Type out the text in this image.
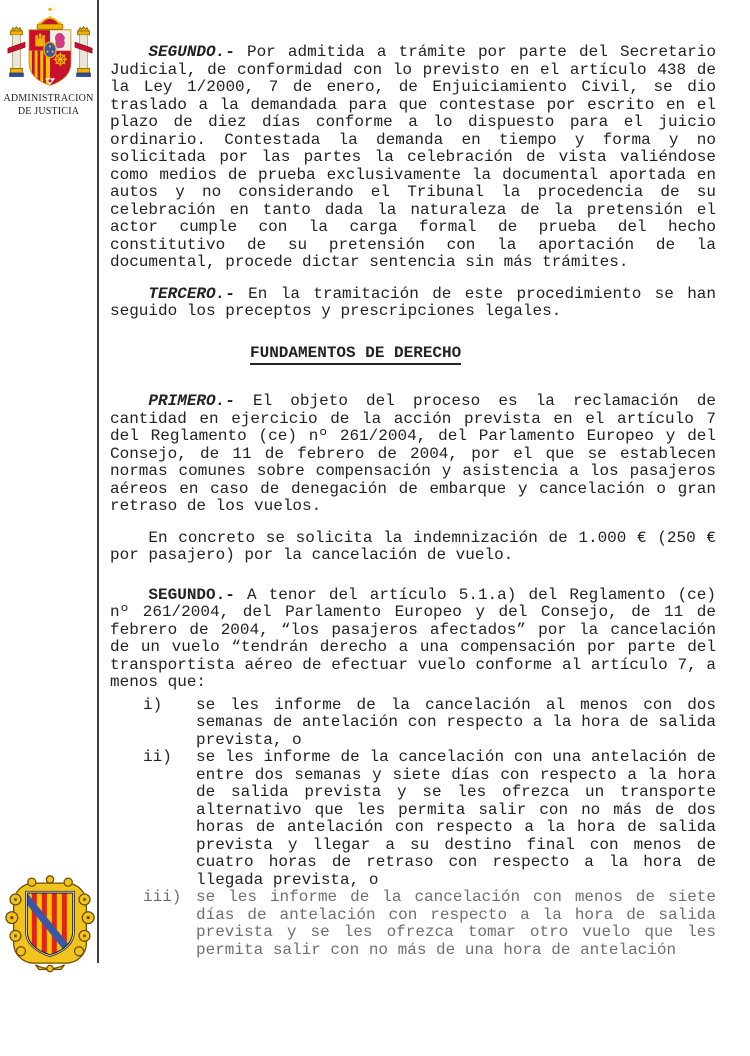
ADMINISTRACION
DE JUSTICIA

SEGUNDO.- Por admitida a trámite por parte del Secretario Judicial, de conformidad con lo previsto en el artículo 438 de la Ley 1/2000, 7 de enero, de Enjuiciamiento Civil, se dio traslado a la demandada para que contestase por escrito en el plazo de diez días conforme a lo dispuesto para el juicio ordinario. Contestada la demanda en tiempo y forma y no solicitada por las partes la celebración de vista valiéndose como medios de prueba exclusivamente la documental aportada en autos y no considerando el Tribunal la procedencia de su celebración en tanto dada la naturaleza de la pretensión el actor cumple con la carga formal de prueba del hecho constitutivo de su pretensión con la aportación de la documental, procede dictar sentencia sin más trámites.

TERCERO.- En la tramitación de este procedimiento se han seguido los preceptos y prescripciones legales.

FUNDAMENTOS DE DERECHO

PRIMERO.- El objeto del proceso es la reclamación de cantidad en ejercicio de la acción prevista en el artículo 7 del Reglamento (ce) nº 261/2004, del Parlamento Europeo y del Consejo, de 11 de febrero de 2004, por el que se establecen normas comunes sobre compensación y asistencia a los pasajeros aéreos en caso de denegación de embarque y cancelación o gran retraso de los vuelos.

En concreto se solicita la indemnización de 1.000 € (250 € por pasajero) por la cancelación de vuelo.

SEGUNDO.- A tenor del artículo 5.1.a) del Reglamento (ce) nº 261/2004, del Parlamento Europeo y del Consejo, de 11 de febrero de 2004, “los pasajeros afectados” por la cancelación de un vuelo “tendrán derecho a una compensación por parte del transportista aéreo de efectuar vuelo conforme al artículo 7, a menos que:

i)	se les informe de la cancelación al menos con dos semanas de antelación con respecto a la hora de salida prevista, o
ii)	se les informe de la cancelación con una antelación de entre dos semanas y siete días con respecto a la hora de salida prevista y se les ofrezca un transporte alternativo que les permita salir con no más de dos horas de antelación con respecto a la hora de salida prevista y llegar a su destino final con menos de cuatro horas de retraso con respecto a la hora de llegada prevista, o
iii) se les informe de la cancelación con menos de siete días de antelación con respecto a la hora de salida prevista y se les ofrezca tomar otro vuelo que les permita salir con no más de una hora de antelación
